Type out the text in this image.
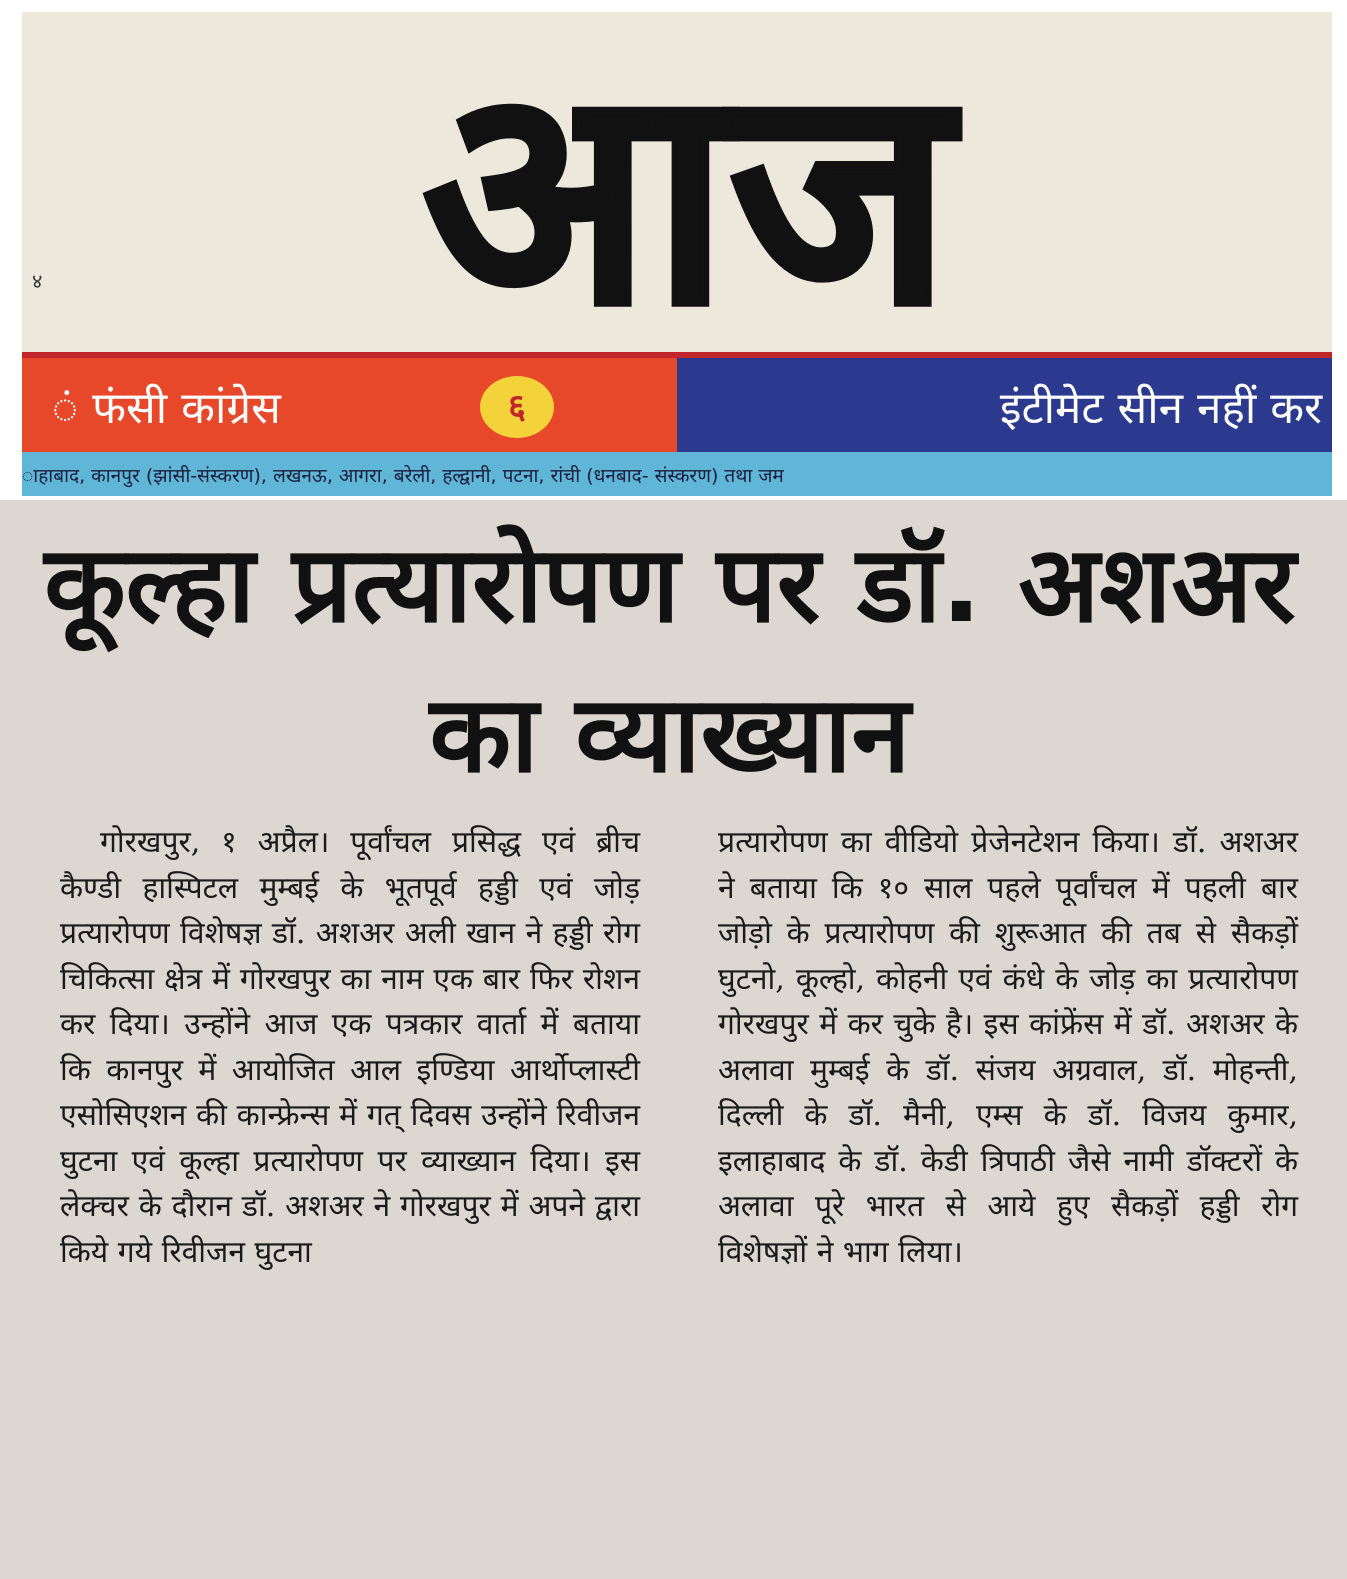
४ आज
ं फंसी कांग्रेस	६	इंटीमेट सीन नहीं कर
ाहाबाद, कानपुर (झांसी-संस्करण), लखनऊ, आगरा, बरेली, हल्द्वानी, पटना, रांची (धनबाद- संस्करण) तथा जम
कूल्हा प्रत्यारोपण पर डॉ. अशअर का व्याख्यान
गोरखपुर, १ अप्रैल। पूर्वांचल प्रसिद्ध एवं ब्रीच कैण्डी हास्पिटल मुम्बई के भूतपूर्व हड्डी एवं जोड़ प्रत्यारोपण विशेषज्ञ डॉ. अशअर अली खान ने हड्डी रोग चिकित्सा क्षेत्र में गोरखपुर का नाम एक बार फिर रोशन कर दिया। उन्होंने आज एक पत्रकार वार्ता में बताया कि कानपुर में आयोजित आल इण्डिया आर्थोप्लास्टी एसोसिएशन की कान्फ्रेन्स में गत् दिवस उन्होंने रिवीजन घुटना एवं कूल्हा प्रत्यारोपण पर व्याख्यान दिया। इस लेक्चर के दौरान डॉ. अशअर ने गोरखपुर में अपने द्वारा किये गये रिवीजन घुटना
प्रत्यारोपण का वीडियो प्रेजेनटेशन किया। डॉ. अशअर ने बताया कि १० साल पहले पूर्वांचल में पहली बार जोड़ो के प्रत्यारोपण की शुरूआत की तब से सैकड़ों घुटनो, कूल्हो, कोहनी एवं कंधे के जोड़ का प्रत्यारोपण गोरखपुर में कर चुके है। इस कांफ्रेंस में डॉ. अशअर के अलावा मुम्बई के डॉ. संजय अग्रवाल, डॉ. मोहन्ती, दिल्ली के डॉ. मैनी, एम्स के डॉ. विजय कुमार, इलाहाबाद के डॉ. केडी त्रिपाठी जैसे नामी डॉक्टरों के अलावा पूरे भारत से आये हुए सैकड़ों हड्डी रोग विशेषज्ञों ने भाग लिया।
